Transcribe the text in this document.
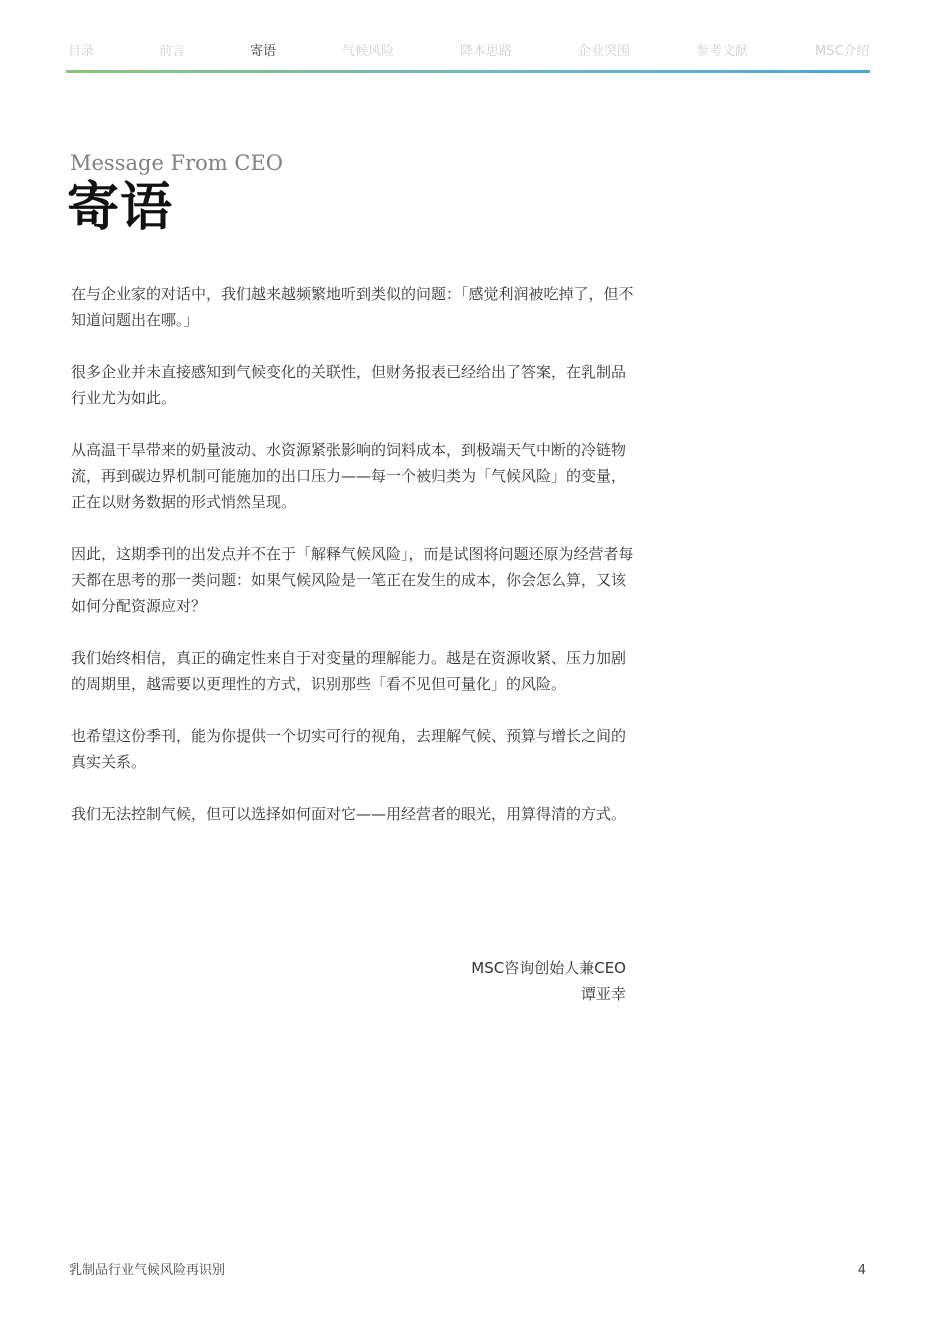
目录	前言	寄语	气候风险	降本思路	企业突围	参考文献	MSC介绍
Message From CEO
寄语

在与企业家的对话中，我们越来越频繁地听到类似的问题：「感觉利润被吃掉了，但不知道问题出在哪。」

很多企业并未直接感知到气候变化的关联性，但财务报表已经给出了答案，在乳制品行业尤为如此。

从高温干旱带来的奶量波动、水资源紧张影响的饲料成本，到极端天气中断的冷链物流，再到碳边界机制可能施加的出口压力——每一个被归类为「气候风险」的变量，正在以财务数据的形式悄然呈现。

因此，这期季刊的出发点并不在于「解释气候风险」，而是试图将问题还原为经营者每天都在思考的那一类问题：如果气候风险是一笔正在发生的成本，你会怎么算，又该如何分配资源应对？

我们始终相信，真正的确定性来自于对变量的理解能力。越是在资源收紧、压力加剧的周期里，越需要以更理性的方式，识别那些「看不见但可量化」的风险。

也希望这份季刊，能为你提供一个切实可行的视角，去理解气候、预算与增长之间的真实关系。

我们无法控制气候，但可以选择如何面对它——用经营者的眼光，用算得清的方式。

MSC咨询创始人兼CEO
谭亚幸
乳制品行业气候风险再识别	4
